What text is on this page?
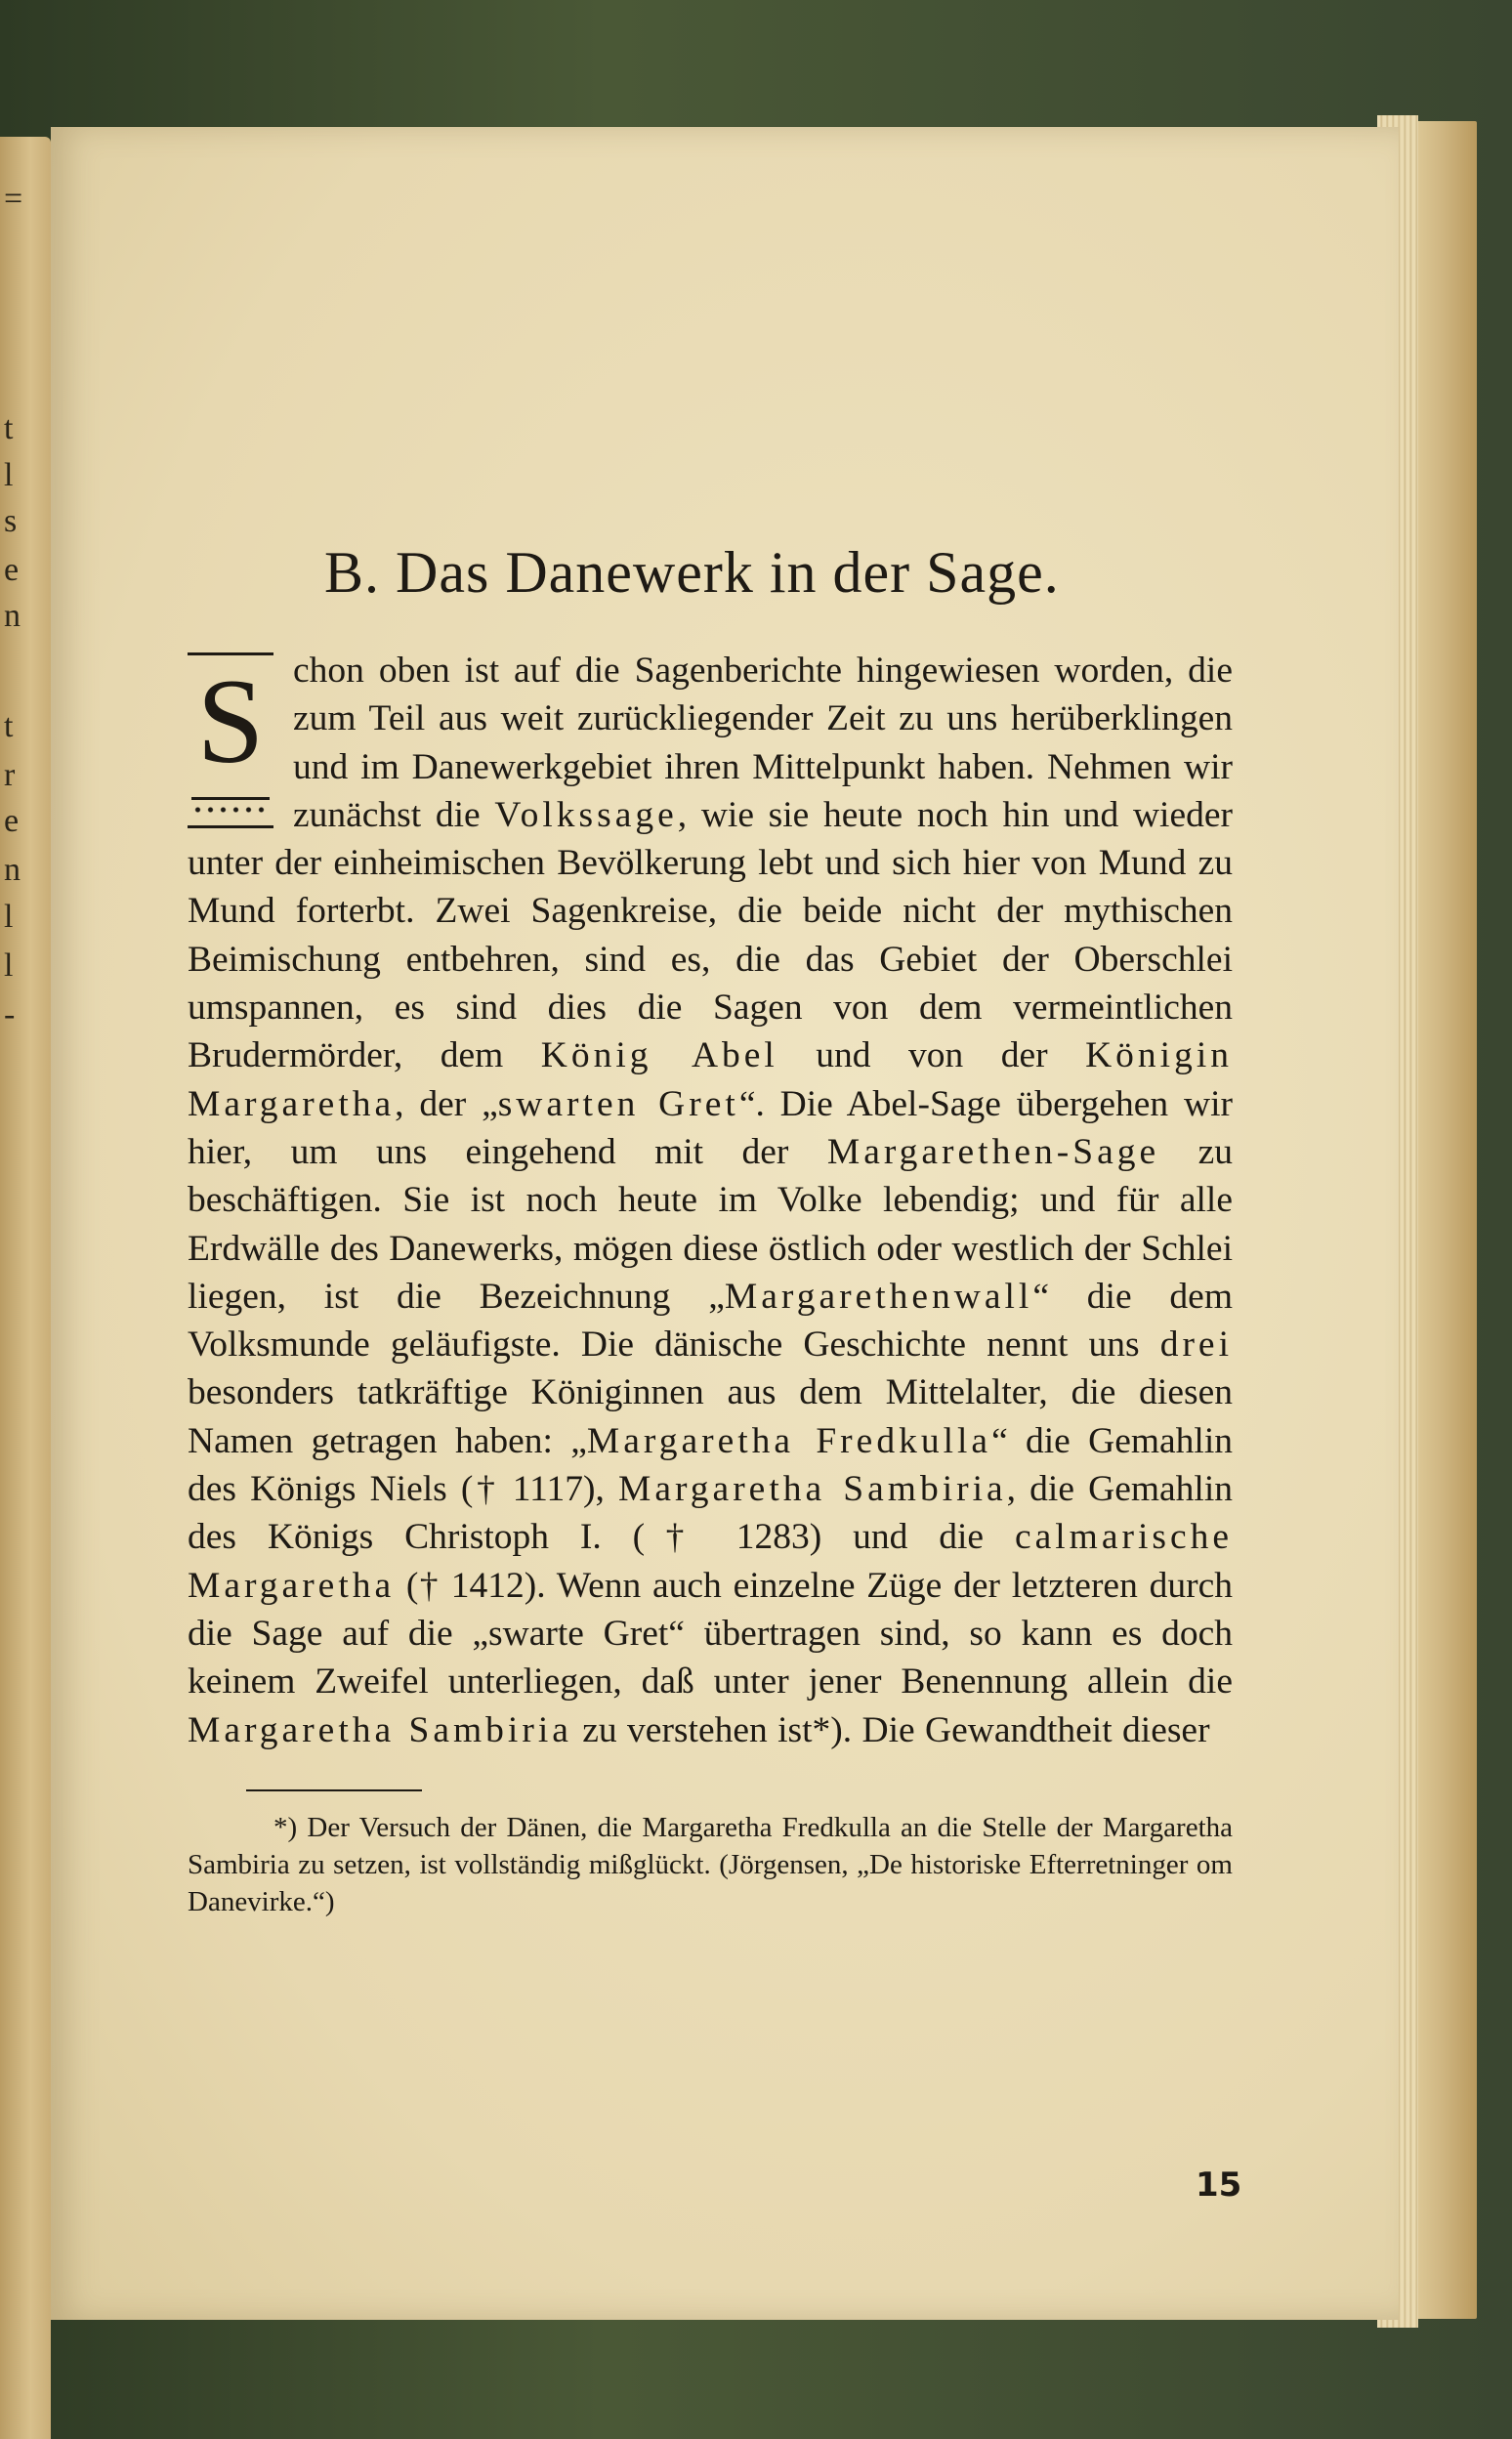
=
t
l
s
e
n
t
r
e
n
l
l
-
B. Das Danewerk in der Sage.

S chon oben ist auf die Sagenberichte hingewiesen worden, die zum Teil aus weit zurückliegender Zeit zu uns herüberklingen und im Danewerkgebiet ihren Mittelpunkt haben. Nehmen wir zunächst die Volkssage, wie sie heute noch hin und wieder unter der einheimischen Bevölkerung lebt und sich hier von Mund zu Mund forterbt. Zwei Sagenkreise, die beide nicht der mythischen Beimischung entbehren, sind es, die das Gebiet der Oberschlei umspannen, es sind dies die Sagen von dem vermeintlichen Brudermörder, dem König Abel und von der Königin Margaretha, der „swarten Gret“. Die Abel-Sage übergehen wir hier, um uns eingehend mit der Margarethen-Sage zu beschäftigen. Sie ist noch heute im Volke lebendig; und für alle Erdwälle des Danewerks, mögen diese östlich oder westlich der Schlei liegen, ist die Bezeichnung „Margarethenwall“ die dem Volksmunde geläufigste. Die dänische Geschichte nennt uns drei besonders tatkräftige Königinnen aus dem Mittelalter, die diesen Namen getragen haben: „Margaretha Fredkulla“ die Gemahlin des Königs Niels († 1117), Margaretha Sambiria, die Gemahlin des Königs Christoph I. († 1283) und die calmarische Margaretha († 1412). Wenn auch einzelne Züge der letzteren durch die Sage auf die „swarte Gret“ übertragen sind, so kann es doch keinem Zweifel unterliegen, daß unter jener Benennung allein die Margaretha Sambiria zu verstehen ist*). Die Gewandtheit dieser

*) Der Versuch der Dänen, die Margaretha Fredkulla an die Stelle der Margaretha Sambiria zu setzen, ist vollständig mißglückt. (Jörgensen, „De historiske Efterretninger om Danevirke.“)

15
